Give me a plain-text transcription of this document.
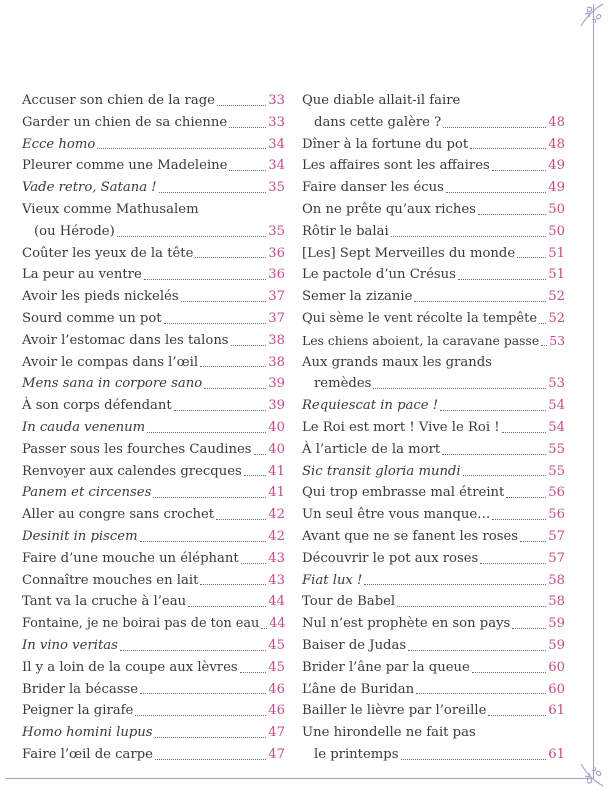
Accuser son chien de la rage	33
Garder un chien de sa chienne	33
Ecce homo	34
Pleurer comme une Madeleine	34
Vade retro, Satana !	35
Vieux comme Mathusalem
(ou Hérode)	35
Coûter les yeux de la tête	36
La peur au ventre	36
Avoir les pieds nickelés	37
Sourd comme un pot	37
Avoir l’estomac dans les talons	38
Avoir le compas dans l’œil	38
Mens sana in corpore sano	39
À son corps défendant	39
In cauda venenum	40
Passer sous les fourches Caudines 40
Renvoyer aux calendes grecques 41
Panem et circenses	41
Aller au congre sans crochet	42
Desinit in piscem	42
Faire d’une mouche un éléphant 43
Connaître mouches en lait	43
Tant va la cruche à l’eau	44
Fontaine, je ne boirai pas de ton eau 44
In vino veritas	45
Il y a loin de la coupe aux lèvres 45
Brider la bécasse	46
Peigner la girafe	46
Homo homini lupus	47
Faire l’œil de carpe	47
Que diable allait-il faire
dans cette galère ?	48
Dîner à la fortune du pot	48
Les affaires sont les affaires	49
Faire danser les écus	49
On ne prête qu’aux riches	50
Rôtir le balai	50
[Les] Sept Merveilles du monde	51
Le pactole d’un Crésus	51
Semer la zizanie	52
Qui sème le vent récolte la tempête 52
Les chiens aboient, la caravane passe 53
Aux grands maux les grands
remèdes	53
Requiescat in pace !	54
Le Roi est mort ! Vive le Roi !	54
À l’article de la mort	55
Sic transit gloria mundi	55
Qui trop embrasse mal étreint	56
Un seul être vous manque…	56
Avant que ne se fanent les roses 57
Découvrir le pot aux roses	57
Fiat lux !	58
Tour de Babel	58
Nul n’est prophète en son pays	59
Baiser de Judas	59
Brider l’âne par la queue	60
L’âne de Buridan	60
Bailler le lièvre par l’oreille	61
Une hirondelle ne fait pas
le printemps	61
